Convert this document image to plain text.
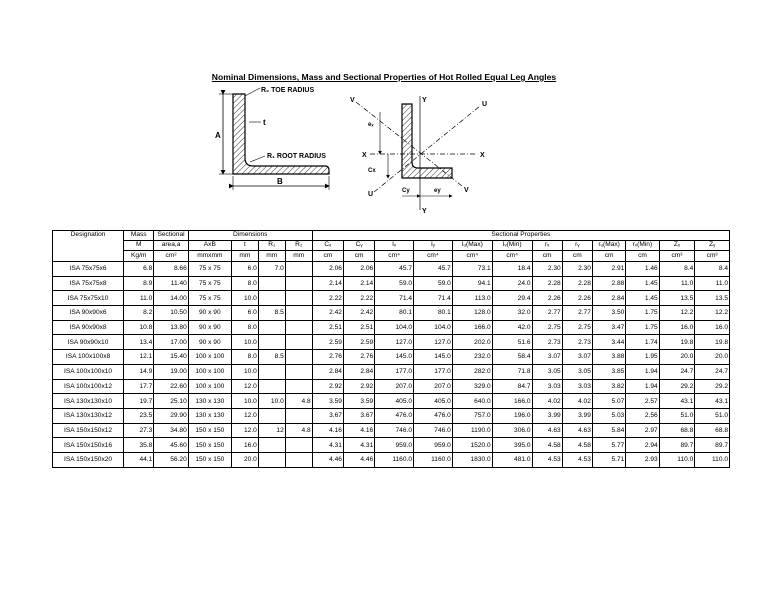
Nominal Dimensions, Mass and Sectional Properties of Hot Rolled Equal Leg Angles
A
B
t
R₂ TOE RADIUS
R₁ ROOT RADIUS
Y
Y
X	X
U
U
V
V
eₓ
Cx
Cy	ey
Designation	Mass	Sectional	Dimensions				Sectional Properties											
	M	area,a	AxB	t	R₁	R₂	Cₓ	Cᵧ	Iₓ	Iᵧ	Iᵤ(Max)	Iᵥ(Min)	rₓ	rᵧ	rᵤ(Max)	rᵥ(Min)	Zₓ	Zᵧ
	Kg/m	cm²	mmxmm	mm	mm	mm	cm	cm	cm⁴	cm⁴	cm⁴	cm⁴	cm	cm	cm	cm	cm³	cm³
ISA 75x75x6	6.8	8.66	75 x 75	6.0	7.0		2.06	2.06	45.7	45.7	73.1	18.4	2.30	2.30	2.91	1.46	8.4	8.4
ISA 75x75x8	8.9	11.40	75 x 75	8.0			2.14	2.14	59.0	59.0	94.1	24.0	2.28	2.28	2.88	1.45	11.0	11.0
ISA 75x75x10	11.0	14.00	75 x 75	10.0			2.22	2.22	71.4	71.4	113.0	29.4	2.26	2.26	2.84	1.45	13.5	13.5
ISA 90x90x6	8.2	10.50	90 x 90	6.0	8.5		2.42	2.42	80.1	80.1	128.0	32.0	2.77	2.77	3.50	1.75	12.2	12.2
ISA 90x90x8	10.8	13.80	90 x 90	8.0			2.51	2.51	104.0	104.0	166.0	42.0	2.75	2.75	3.47	1.75	16.0	16.0
ISA 90x90x10	13.4	17.00	90 x 90	10.0			2.59	2.59	127.0	127.0	202.0	51.6	2.73	2.73	3.44	1.74	19.8	19.8
ISA 100x100x8	12.1	15.40	100 x 100	8.0	8.5		2.76	2.76	145.0	145.0	232.0	58.4	3.07	3.07	3.88	1.95	20.0	20.0
ISA 100x100x10	14.9	19.00	100 x 100	10.0			2.84	2.84	177.0	177.0	282.0	71.8	3.05	3.05	3.85	1.94	24.7	24.7
ISA 100x100x12	17.7	22.60	100 x 100	12.0			2.92	2.92	207.0	207.0	329.0	84.7	3.03	3.03	3.82	1.94	29.2	29.2
ISA 130x130x10	19.7	25.10	130 x 130	10.0	10.0	4.8	3.59	3.59	405.0	405.0	640.0	166.0	4.02	4.02	5.07	2.57	43.1	43.1
ISA 130x130x12	23.5	29.90	130 x 130	12.0			3.67	3.67	476.0	476.0	757.0	196.0	3.99	3.99	5.03	2.56	51.0	51.0
ISA 150x150x12	27.3	34.80	150 x 150	12.0	12	4.8	4.16	4.16	746.0	746.0	1190.0	306.0	4.63	4.63	5.84	2.97	68.8	68.8
ISA 150x150x16	35.8	45.60	150 x 150	16.0			4.31	4.31	959.0	959.0	1520.0	395.0	4.58	4.58	5.77	2.94	89.7	89.7
ISA 150x150x20	44.1	56.20	150 x 150	20.0			4.46	4.46	1160.0	1160.0	1830.0	481.0	4.53	4.53	5.71	2.93	110.0	110.0
